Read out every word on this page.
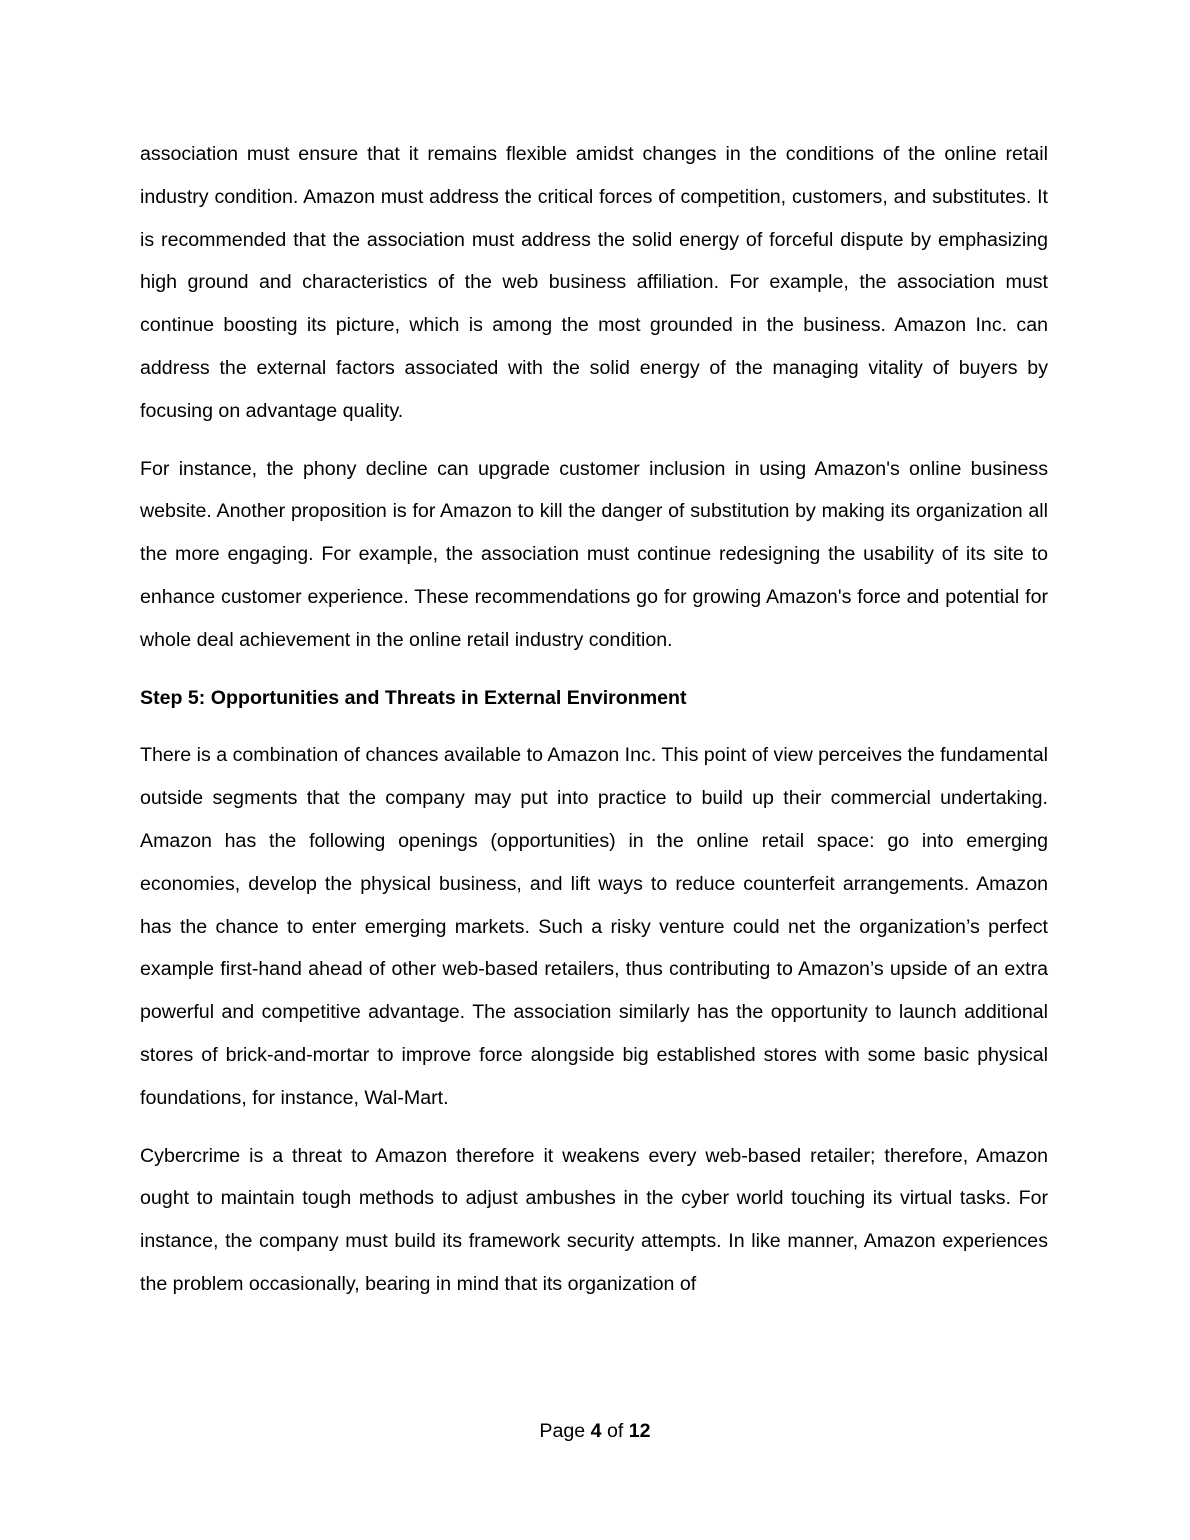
association must ensure that it remains flexible amidst changes in the conditions of the online retail industry condition. Amazon must address the critical forces of competition, customers, and substitutes. It is recommended that the association must address the solid energy of forceful dispute by emphasizing high ground and characteristics of the web business affiliation. For example, the association must continue boosting its picture, which is among the most grounded in the business. Amazon Inc. can address the external factors associated with the solid energy of the managing vitality of buyers by focusing on advantage quality.

For instance, the phony decline can upgrade customer inclusion in using Amazon's online business website. Another proposition is for Amazon to kill the danger of substitution by making its organization all the more engaging. For example, the association must continue redesigning the usability of its site to enhance customer experience. These recommendations go for growing Amazon's force and potential for whole deal achievement in the online retail industry condition.

Step 5: Opportunities and Threats in External Environment

There is a combination of chances available to Amazon Inc. This point of view perceives the fundamental outside segments that the company may put into practice to build up their commercial undertaking. Amazon has the following openings (opportunities) in the online retail space: go into emerging economies, develop the physical business, and lift ways to reduce counterfeit arrangements. Amazon has the chance to enter emerging markets. Such a risky venture could net the organization’s perfect example first-hand ahead of other web-based retailers, thus contributing to Amazon’s upside of an extra powerful and competitive advantage. The association similarly has the opportunity to launch additional stores of brick-and-mortar to improve force alongside big established stores with some basic physical foundations, for instance, Wal-Mart.

Cybercrime is a threat to Amazon therefore it weakens every web-based retailer; therefore, Amazon ought to maintain tough methods to adjust ambushes in the cyber world touching its virtual tasks. For instance, the company must build its framework security attempts. In like manner, Amazon experiences the problem occasionally, bearing in mind that its organization of

Page 4 of 12
